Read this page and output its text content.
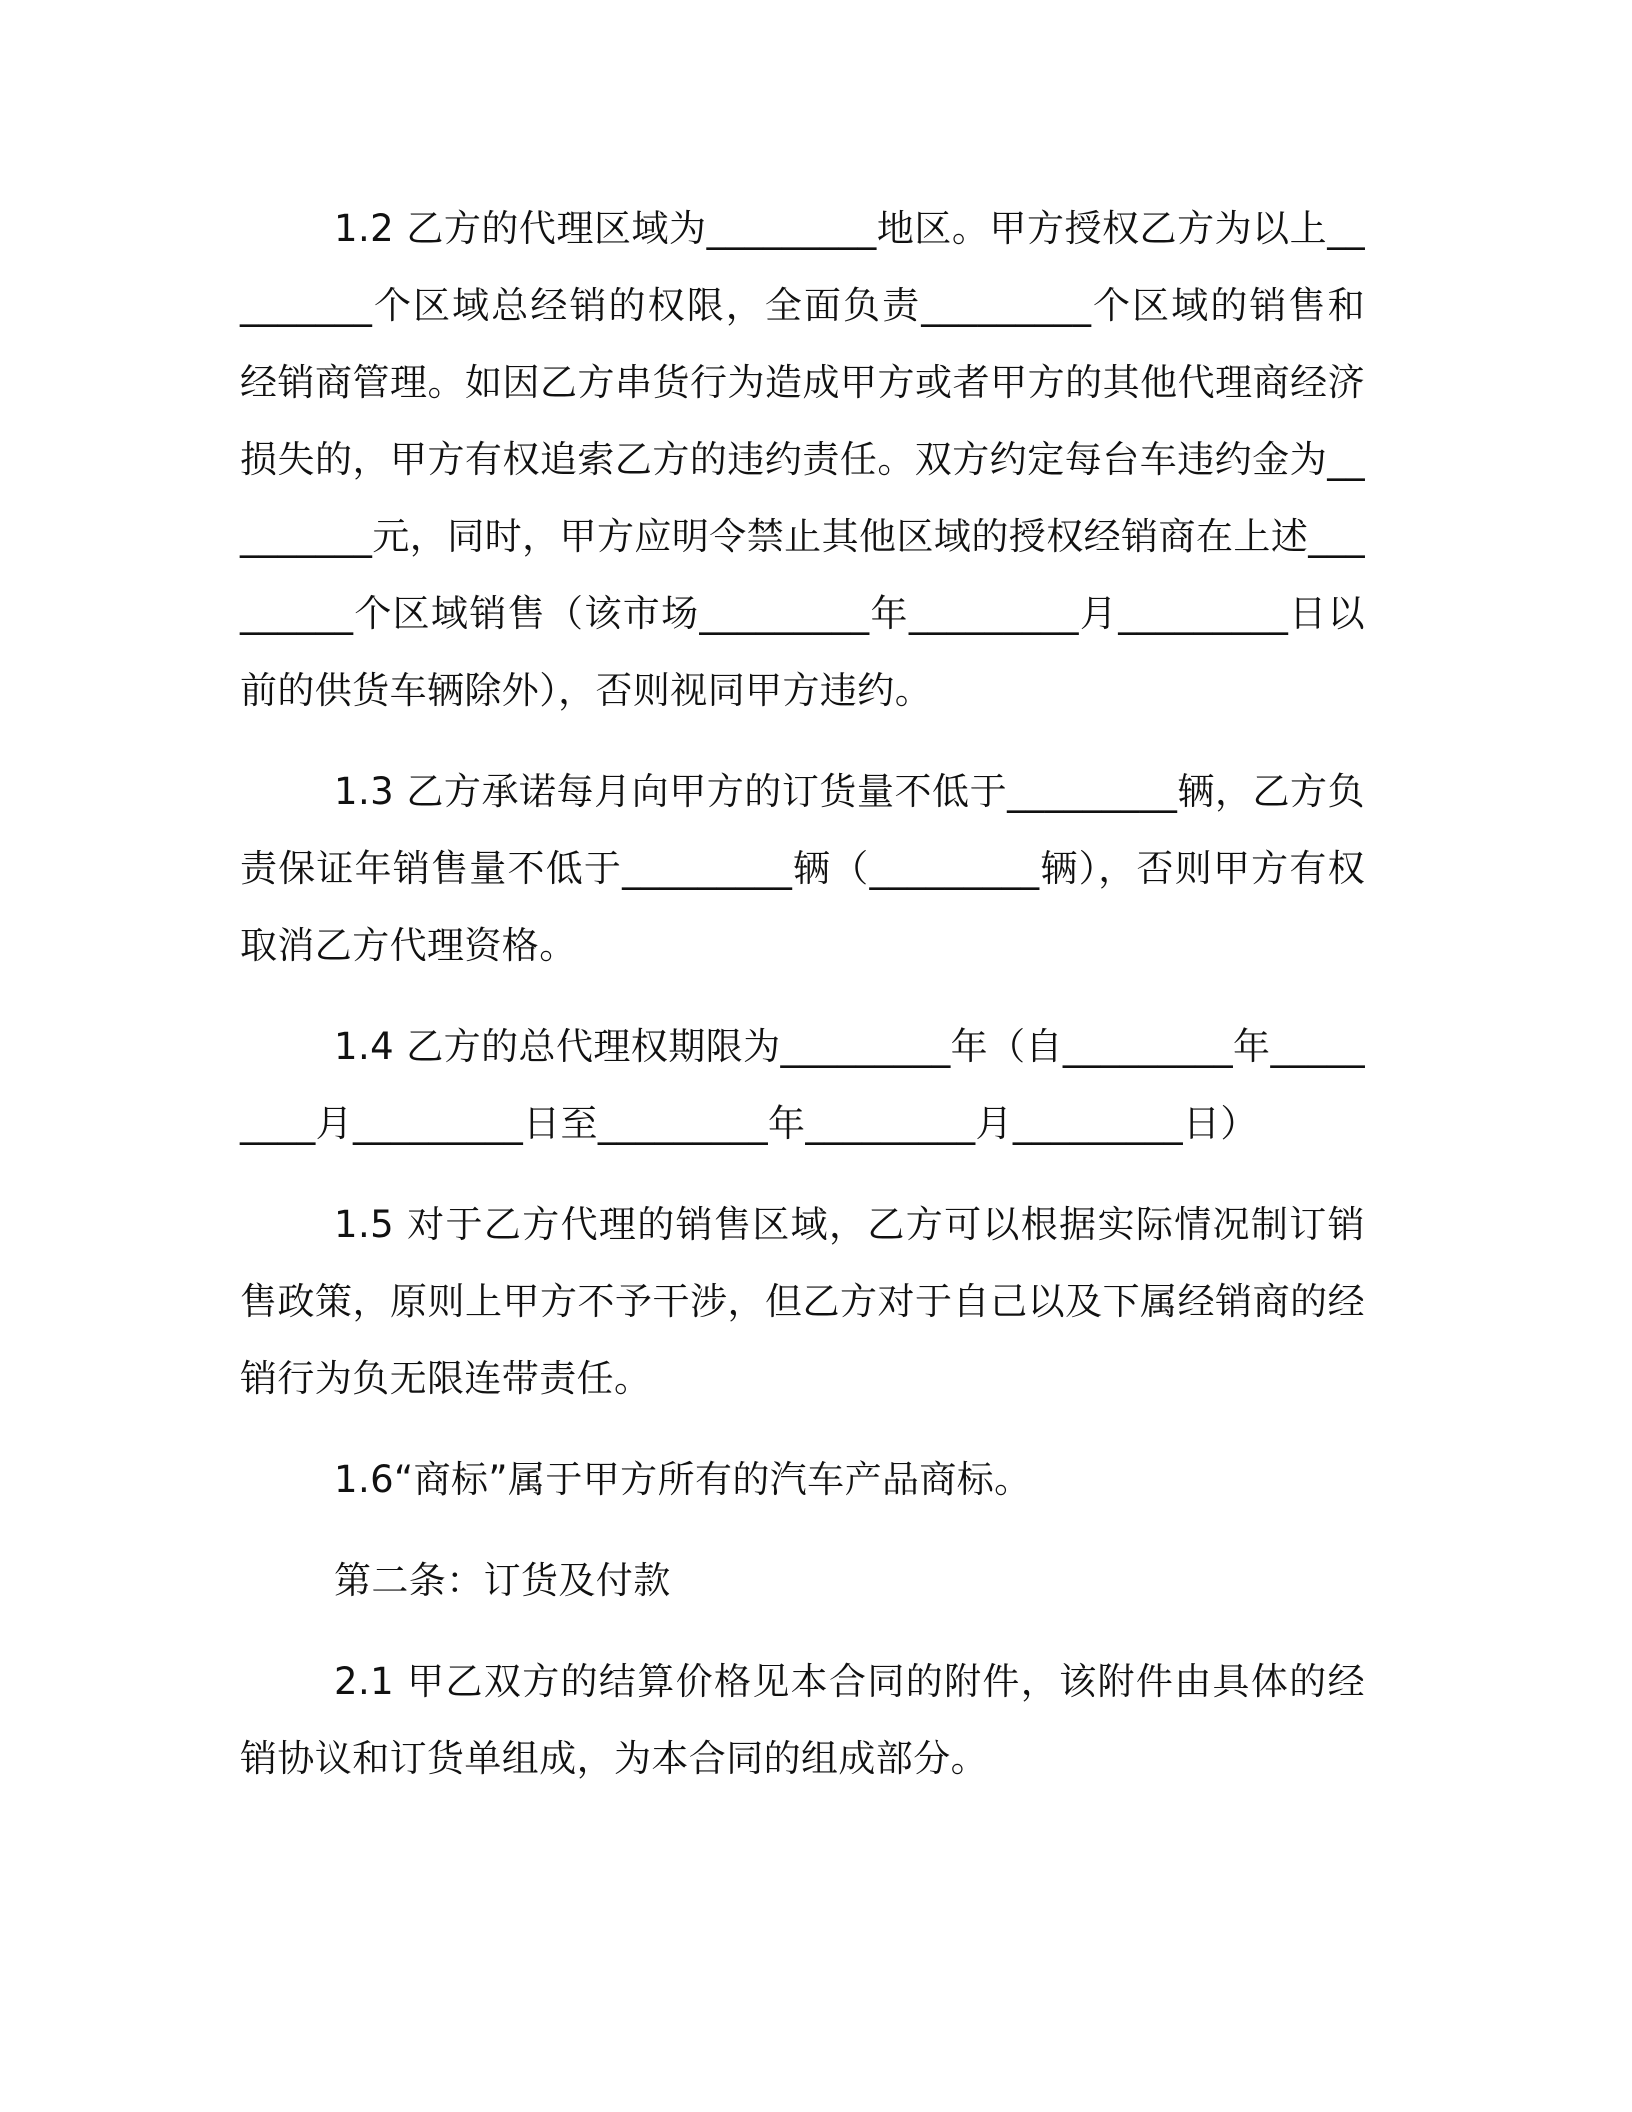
1.2 乙方的代理区域为_________地区。甲方授权乙方为以上_________个区域总经销的权限，全面负责_________个区域的销售和经销商管理。如因乙方串货行为造成甲方或者甲方的其他代理商经济损失的，甲方有权追索乙方的违约责任。双方约定每台车违约金为_________元，同时，甲方应明令禁止其他区域的授权经销商在上述_________个区域销售（该市场_________年_________月_________日以前的供货车辆除外），否则视同甲方违约。

1.3 乙方承诺每月向甲方的订货量不低于_________辆，乙方负责保证年销售量不低于_________辆（_________辆），否则甲方有权取消乙方代理资格。

1.4 乙方的总代理权期限为_________年（自_________年_________月_________日至_________年_________月_________日）

1.5 对于乙方代理的销售区域，乙方可以根据实际情况制订销售政策，原则上甲方不予干涉，但乙方对于自己以及下属经销商的经销行为负无限连带责任。

1.6“商标”属于甲方所有的汽车产品商标。

第二条：订货及付款

2.1 甲乙双方的结算价格见本合同的附件，该附件由具体的经销协议和订货单组成，为本合同的组成部分。
